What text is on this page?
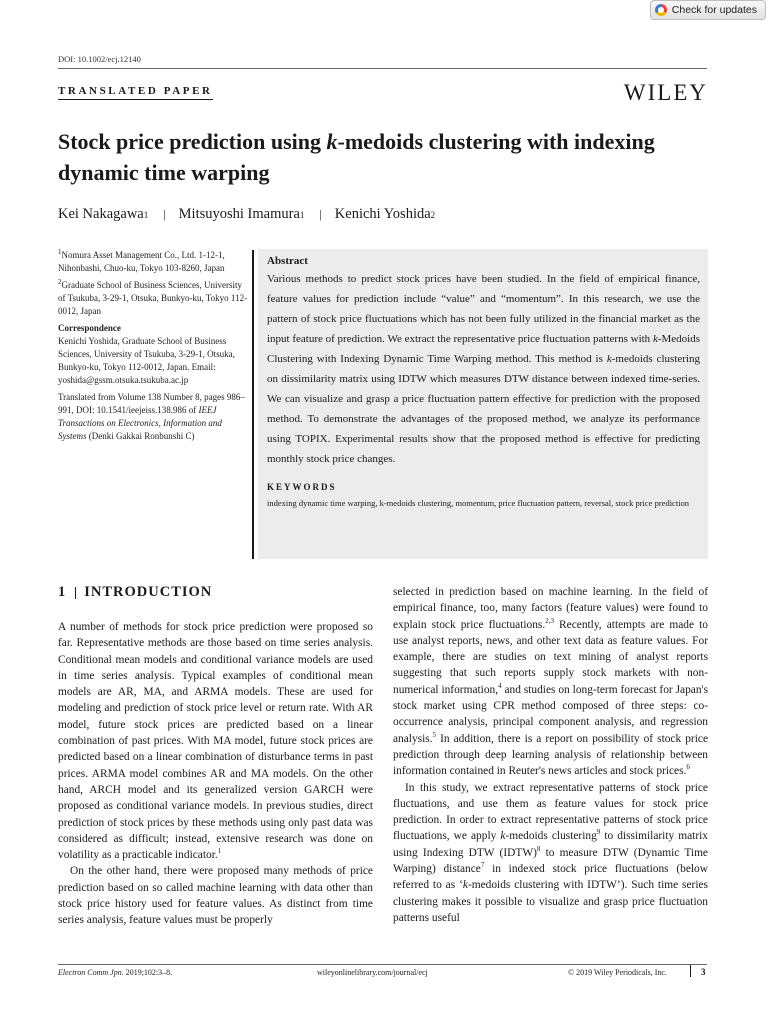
Check for updates
DOI: 10.1002/ecj.12140
TRANSLATED PAPER	WILEY
Stock price prediction using k-medoids clustering with indexing dynamic time warping
Kei Nakagawa 1 | Mitsuyoshi Imamura 1 | Kenichi Yoshida 2

$^1$Nomura Asset Management Co., Ltd. 1-12-1, Nihonbashi, Chuo-ku, Tokyo 103-8260, Japan

$^2$Graduate School of Business Sciences, University of Tsukuba, 3-29-1, Otsuka, Bunkyo-ku, Tokyo 112-0012, Japan

Correspondence

Kenichi Yoshida, Graduate School of Business Sciences, University of Tsukuba, 3-29-1, Otsuka, Bunkyo-ku, Tokyo 112-0012, Japan. Email: yoshida@gssm.otsuka.tsukuba.ac.jp

Translated from Volume 138 Number 8, pages 986–991, DOI: 10.1541/ieejeiss.138.986 of IEEJ Transactions on Electronics, Information and Systems (Denki Gakkai Ronbunshi C)

Abstract
Various methods to predict stock prices have been studied. In the field of empirical finance, feature values for prediction include “value” and “momentum”. In this research, we use the pattern of stock price fluctuations which has not been fully utilized in the financial market as the input feature of prediction. We extract the representative price fluctuation patterns with k-Medoids Clustering with Indexing Dynamic Time Warping method. This method is k-medoids clustering on dissimilarity matrix using IDTW which measures DTW distance between indexed time-series. We can visualize and grasp a price fluctuation pattern effective for prediction with the proposed method. To demonstrate the advantages of the proposed method, we analyze its performance using TOPIX. Experimental results show that the proposed method is effective for predicting monthly stock price changes.
KEYWORDS
indexing dynamic time warping, k-medoids clustering, momentum, price fluctuation pattern, reversal, stock price prediction
1 INTRODUCTION

A number of methods for stock price prediction were proposed so far. Representative methods are those based on time series analysis. Conditional mean models and conditional variance models are used in time series analysis. Typical examples of conditional mean models are AR, MA, and ARMA models. These are used for modeling and prediction of stock price level or return rate. With AR model, future stock prices are predicted based on a linear combination of past prices. With MA model, future stock prices are predicted based on a linear combination of disturbance terms in past prices. ARMA model combines AR and MA models. On the other hand, ARCH model and its generalized version GARCH were proposed as conditional variance models. In previous studies, direct prediction of stock prices by these methods using only past data was considered as difficult; instead, extensive research was done on volatility as a practicable indicator.$^1$

On the other hand, there were proposed many methods of price prediction based on so called machine learning with data other than stock price history used for feature values. As distinct from time series analysis, feature values must be properly

selected in prediction based on machine learning. In the field of empirical finance, too, many factors (feature values) were found to explain stock price fluctuations.$^{2,3}$ Recently, attempts are made to use analyst reports, news, and other text data as feature values. For example, there are studies on text mining of analyst reports suggesting that such reports supply stock markets with non-numerical information,$^4$ and studies on long-term forecast for Japan's stock market using CPR method composed of three steps: co-occurrence analysis, principal component analysis, and regression analysis.$^5$ In addition, there is a report on possibility of stock price prediction through deep learning analysis of relationship between information contained in Reuter's news articles and stock prices.$^6$

In this study, we extract representative patterns of stock price fluctuations, and use them as feature values for stock price prediction. In order to extract representative patterns of stock price fluctuations, we apply k-medoids clustering$^9$ to dissimilarity matrix using Indexing DTW (IDTW)$^8$ to measure DTW (Dynamic Time Warping) distance$^7$ in indexed stock price fluctuations (below referred to as ‘k-medoids clustering with IDTW’). Such time series clustering makes it possible to visualize and grasp price fluctuation patterns useful

Electron Comm Jpn. 2019;102:3–8.	wileyonlinelibrary.com/journal/ecj	© 2019 Wiley Periodicals, Inc.	3
